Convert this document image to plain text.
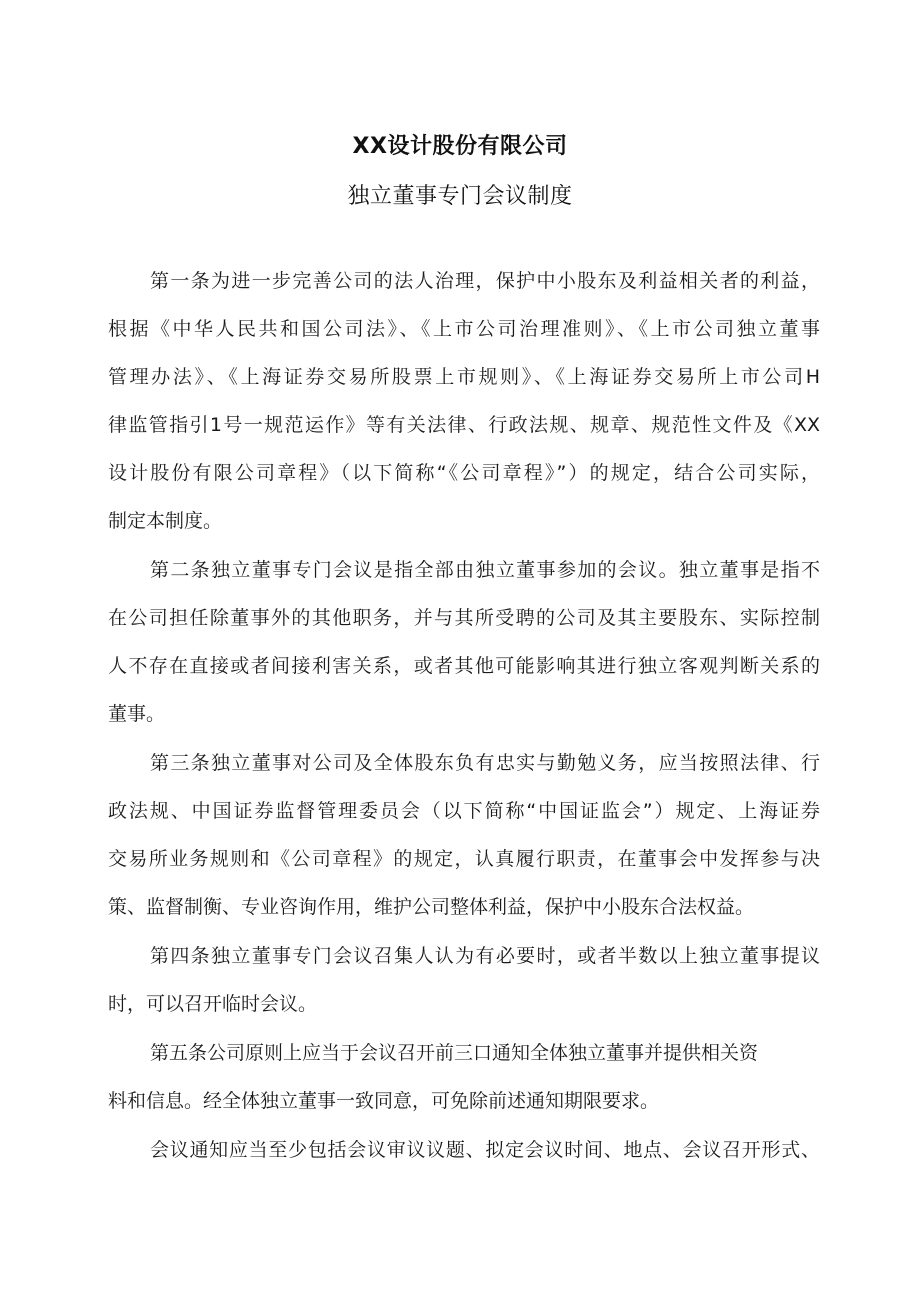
XX设计股份有限公司
独立董事专门会议制度
第一条为进一步完善公司的法人治理，保护中小股东及利益相关者的利益，
根据《中华人民共和国公司法》、《上市公司治理准则》、《上市公司独立董事
管理办法》、《上海证券交易所股票上市规则》、《上海证券交易所上市公司H
律监管指引1号一规范运作》等有关法律、行政法规、规章、规范性文件及《XX
设计股份有限公司章程》（以下简称“《公司章程》”）的规定，结合公司实际，
制定本制度。
第二条独立董事专门会议是指全部由独立董事参加的会议。独立董事是指不
在公司担任除董事外的其他职务，并与其所受聘的公司及其主要股东、实际控制
人不存在直接或者间接利害关系，或者其他可能影响其进行独立客观判断关系的
董事。
第三条独立董事对公司及全体股东负有忠实与勤勉义务，应当按照法律、行
政法规、中国证券监督管理委员会（以下简称“中国证监会”）规定、上海证券
交易所业务规则和《公司章程》的规定，认真履行职责，在董事会中发挥参与决
策、监督制衡、专业咨询作用，维护公司整体利益，保护中小股东合法权益。
第四条独立董事专门会议召集人认为有必要时，或者半数以上独立董事提议
时，可以召开临时会议。
第五条公司原则上应当于会议召开前三口通知全体独立董事并提供相关资
料和信息。经全体独立董事一致同意，可免除前述通知期限要求。
会议通知应当至少包括会议审议议题、拟定会议时间、地点、会议召开形式、
